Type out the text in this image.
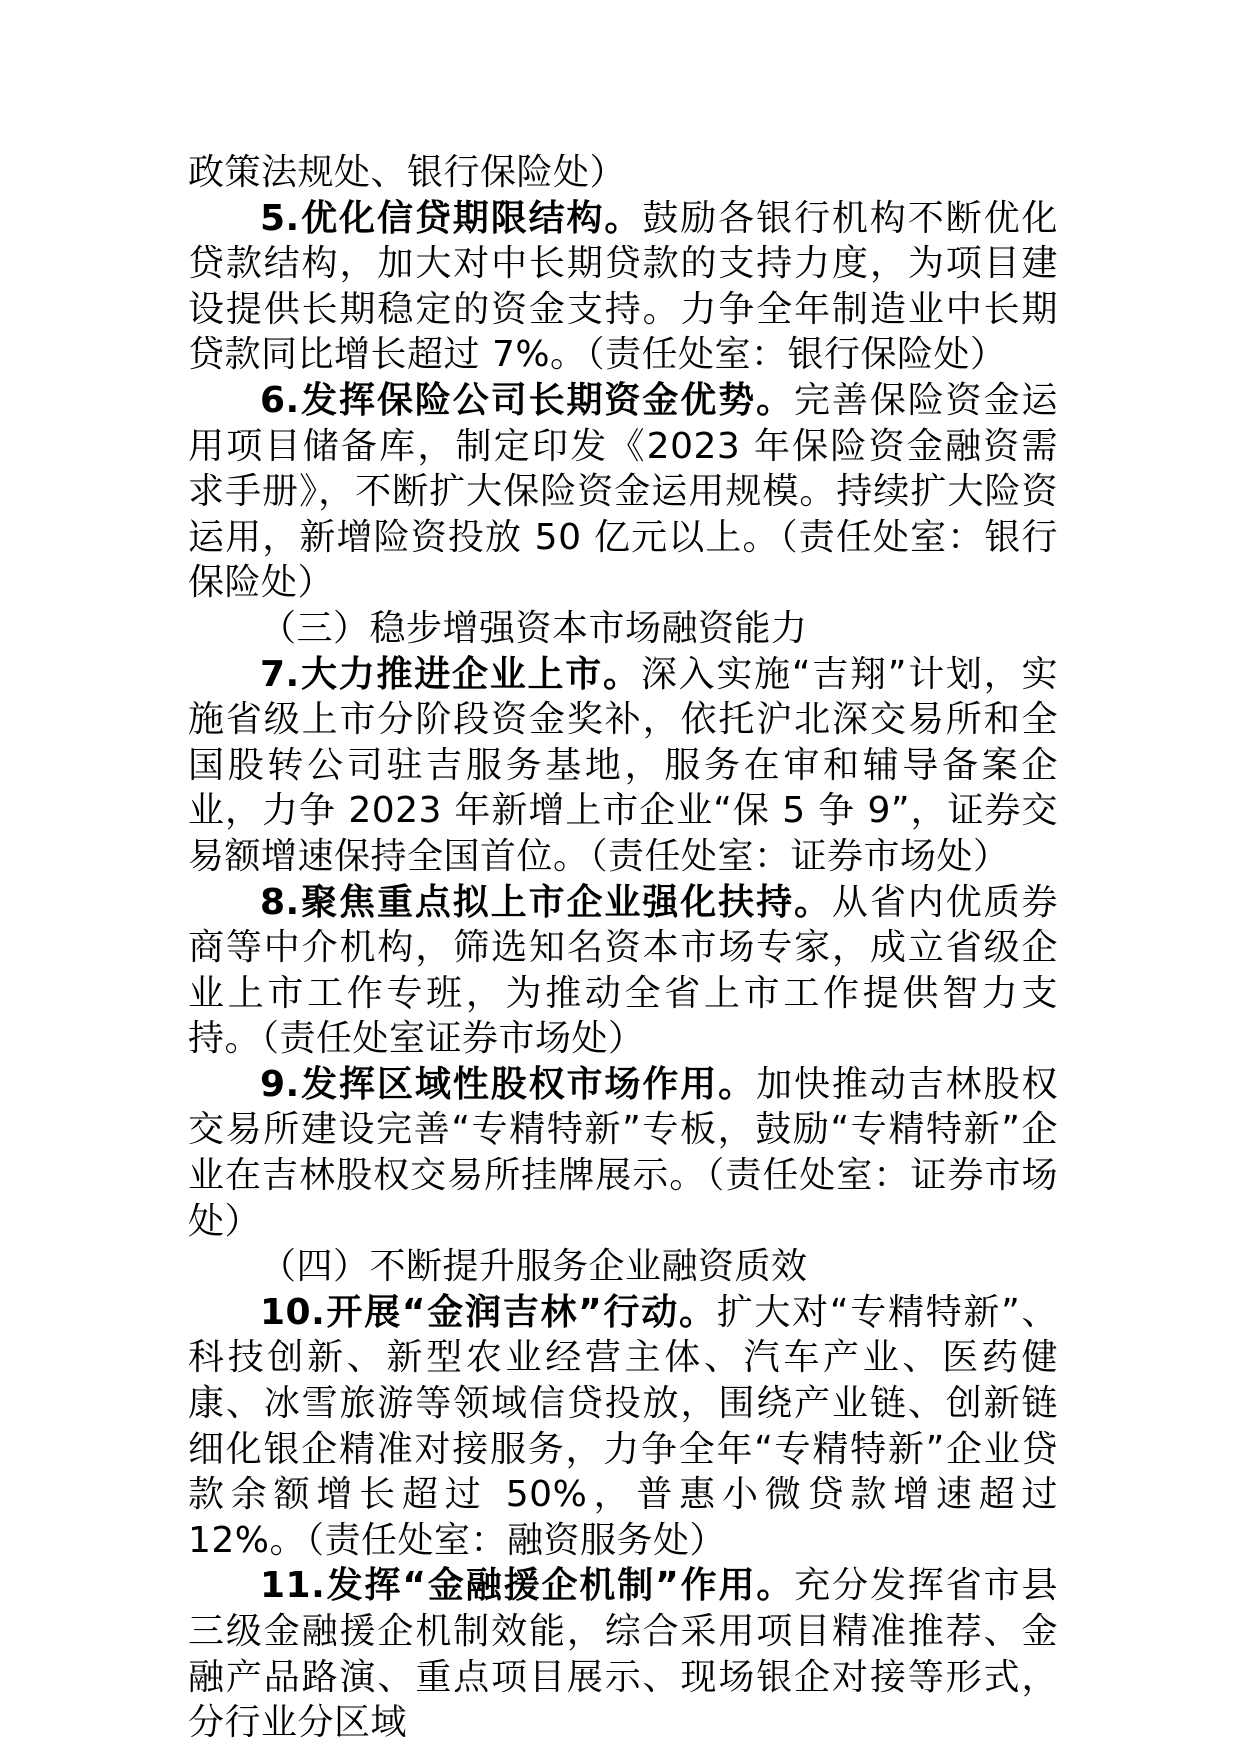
政策法规处、银行保险处）

5.优化信贷期限结构。鼓励各银行机构不断优化贷款结构，加大对中长期贷款的支持力度，为项目建设提供长期稳定的资金支持。力争全年制造业中长期贷款同比增长超过 7%。（责任处室：银行保险处）

6.发挥保险公司长期资金优势。完善保险资金运用项目储备库，制定印发《2023 年保险资金融资需求手册》，不断扩大保险资金运用规模。持续扩大险资运用，新增险资投放 50 亿元以上。（责任处室：银行保险处）

（三）稳步增强资本市场融资能力

7.大力推进企业上市。深入实施“吉翔”计划，实施省级上市分阶段资金奖补，依托沪北深交易所和全国股转公司驻吉服务基地，服务在审和辅导备案企业，力争 2023 年新增上市企业“保 5 争 9”，证券交易额增速保持全国首位。（责任处室：证券市场处）

8.聚焦重点拟上市企业强化扶持。从省内优质券商等中介机构，筛选知名资本市场专家，成立省级企业上市工作专班，为推动全省上市工作提供智力支持。（责任处室证券市场处）

9.发挥区域性股权市场作用。加快推动吉林股权交易所建设完善“专精特新”专板，鼓励“专精特新”企业在吉林股权交易所挂牌展示。（责任处室：证券市场处）

（四）不断提升服务企业融资质效

10.开展“金润吉林”行动。扩大对“专精特新”、科技创新、新型农业经营主体、汽车产业、医药健康、冰雪旅游等领域信贷投放，围绕产业链、创新链细化银企精准对接服务，力争全年“专精特新”企业贷款余额增长超过 50%，普惠小微贷款增速超过 12%。（责任处室：融资服务处）

11.发挥“金融援企机制”作用。充分发挥省市县三级金融援企机制效能，综合采用项目精准推荐、金融产品路演、重点项目展示、现场银企对接等形式，分行业分区域
